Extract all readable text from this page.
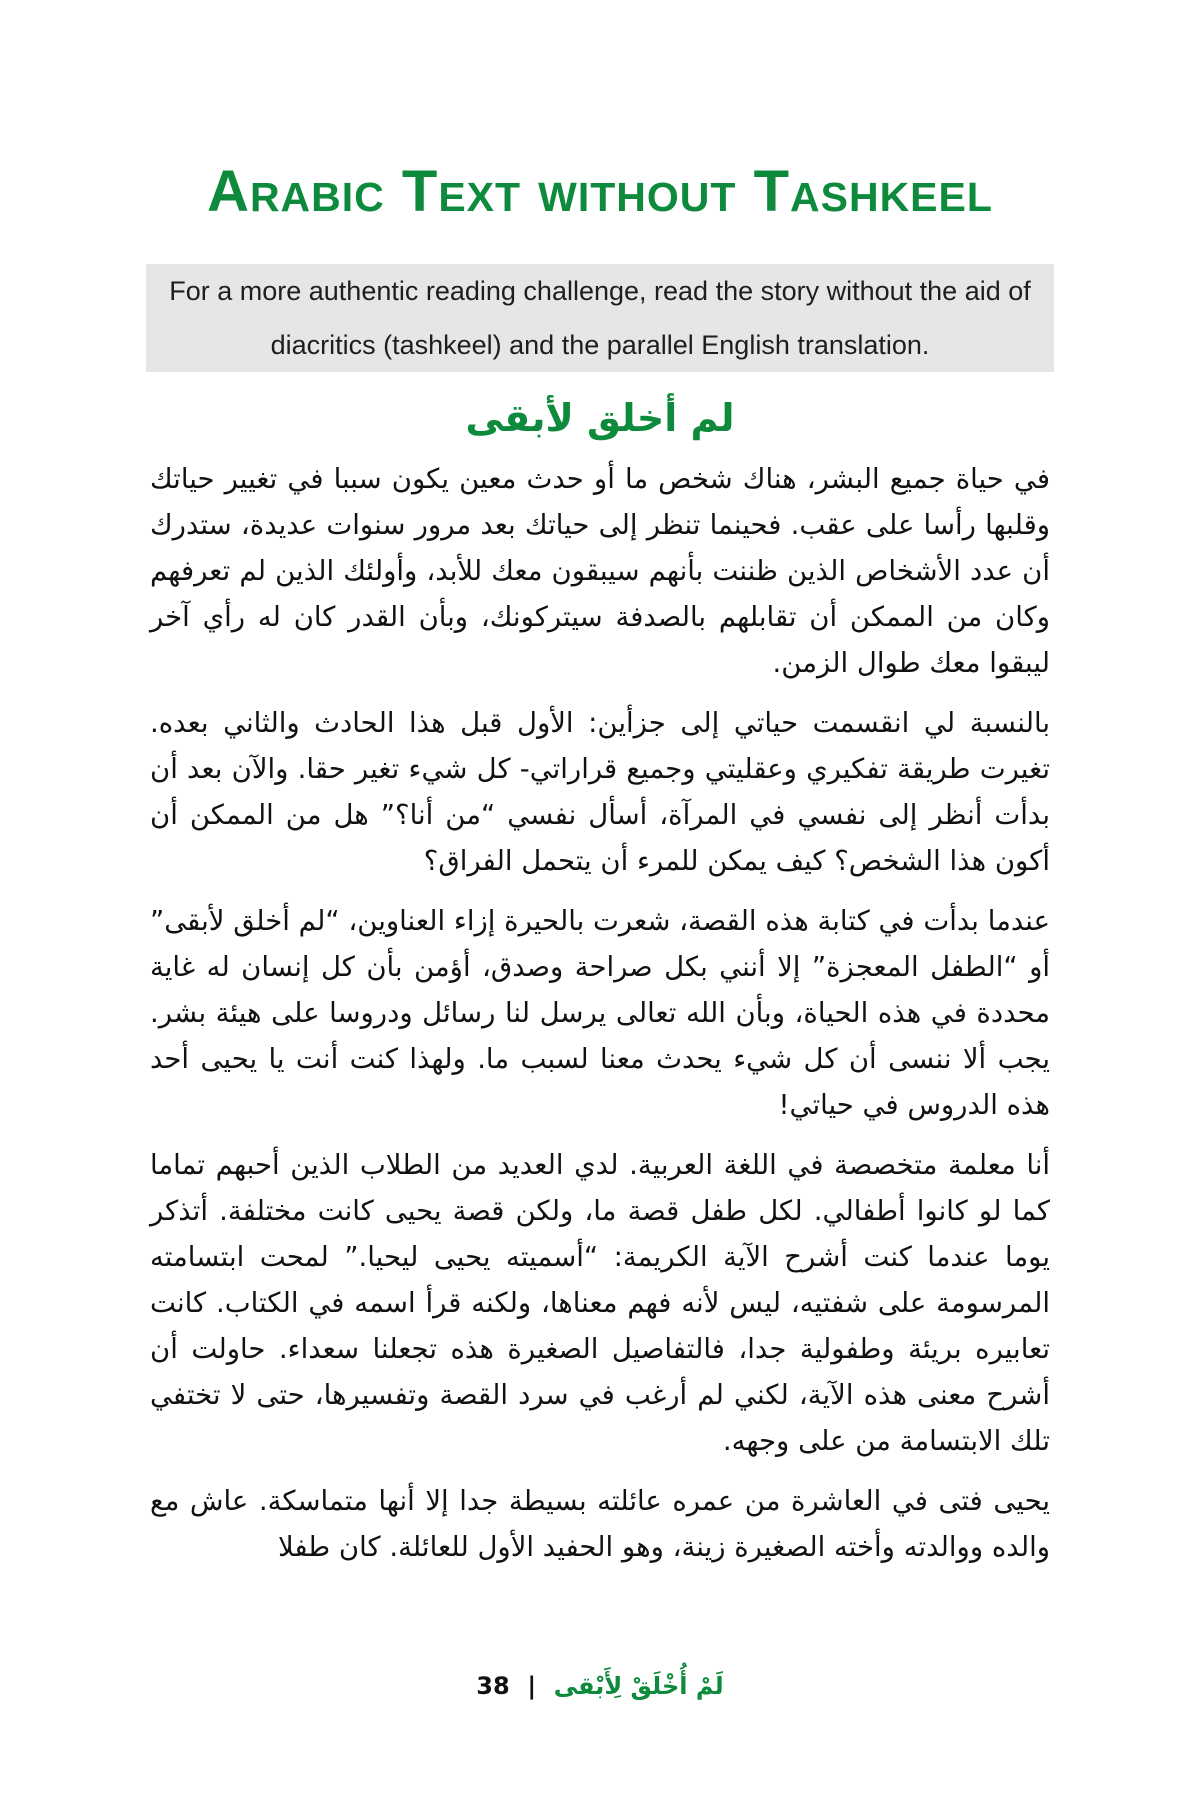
Arabic Text without Tashkeel

For a more authentic reading challenge, read the story without the aid of diacritics (tashkeel) and the parallel English translation.

لم أخلق لأبقى

في حياة جميع البشر، هناك شخص ما أو حدث معين يكون سببا في تغيير حياتك وقلبها رأسا على عقب. فحينما تنظر إلى حياتك بعد مرور سنوات عديدة، ستدرك أن عدد الأشخاص الذين ظننت بأنهم سيبقون معك للأبد، وأولئك الذين لم تعرفهم وكان من الممكن أن تقابلهم بالصدفة سيتركونك، وبأن القدر كان له رأي آخر ليبقوا معك طوال الزمن.

بالنسبة لي انقسمت حياتي إلى جزأين: الأول قبل هذا الحادث والثاني بعده. تغيرت طريقة تفكيري وعقليتي وجميع قراراتي- كل شيء تغير حقا. والآن بعد أن بدأت أنظر إلى نفسي في المرآة، أسأل نفسي “من أنا؟” هل من الممكن أن أكون هذا الشخص؟ كيف يمكن للمرء أن يتحمل الفراق؟

عندما بدأت في كتابة هذه القصة، شعرت بالحيرة إزاء العناوين، “لم أخلق لأبقى” أو “الطفل المعجزة” إلا أنني بكل صراحة وصدق، أؤمن بأن كل إنسان له غاية محددة في هذه الحياة، وبأن الله تعالى يرسل لنا رسائل ودروسا على هيئة بشر. يجب ألا ننسى أن كل شيء يحدث معنا لسبب ما. ولهذا كنت أنت يا يحيى أحد هذه الدروس في حياتي!

أنا معلمة متخصصة في اللغة العربية. لدي العديد من الطلاب الذين أحبهم تماما كما لو كانوا أطفالي. لكل طفل قصة ما، ولكن قصة يحيى كانت مختلفة. أتذكر يوما عندما كنت أشرح الآية الكريمة: “أسميته يحيى ليحيا.” لمحت ابتسامته المرسومة على شفتيه، ليس لأنه فهم معناها، ولكنه قرأ اسمه في الكتاب. كانت تعابيره بريئة وطفولية جدا، فالتفاصيل الصغيرة هذه تجعلنا سعداء. حاولت أن أشرح معنى هذه الآية، لكني لم أرغب في سرد القصة وتفسيرها، حتى لا تختفي تلك الابتسامة من على وجهه.

يحيى فتى في العاشرة من عمره عائلته بسيطة جدا إلا أنها متماسكة. عاش مع والده ووالدته وأخته الصغيرة زينة، وهو الحفيد الأول للعائلة. كان طفلا

38 | لَمْ أُخْلَقْ لِأَبْقى
